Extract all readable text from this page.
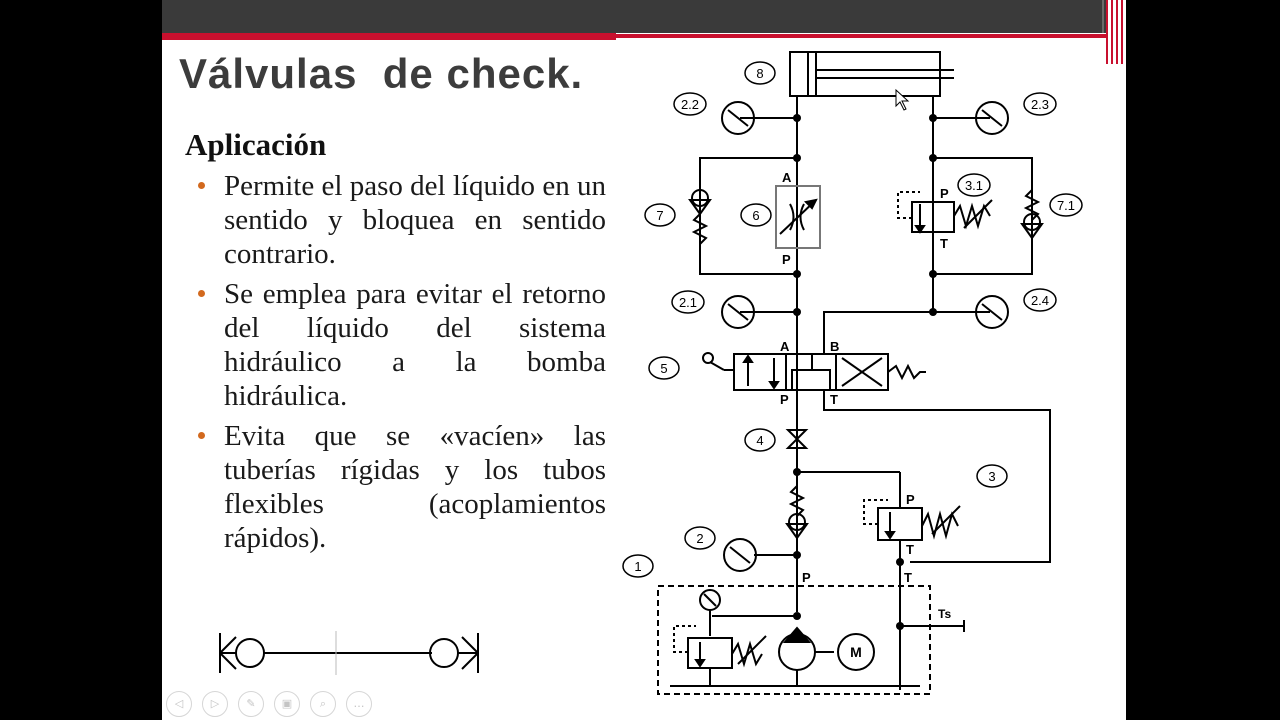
Válvulas  de check.
Aplicación
Permite el paso del líquido en un sentido y bloquea en sentido contrario.
Se emplea para evitar el retorno del líquido del sistema hidráulico a la bomba hidráulica.
Evita que se «vacíen» las tuberías rígidas y los tubos flexibles (acoplamientos rápidos).
◁	▷	✎	▣	⌕	…
8
2.2	2.3
7	6
3.1
7.1
2.1	2.4
5
4
3
2
1
A
P
P
T
A	B
P	T
P
T
P	T
Ts
M
